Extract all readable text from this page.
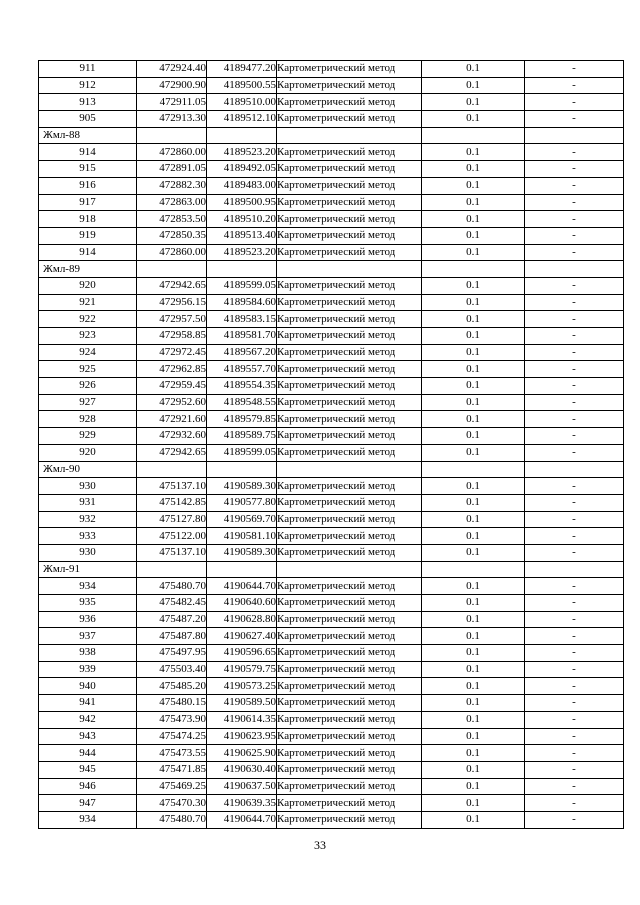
911	472924.40	4189477.20	Картометрический метод	0.1	-
912	472900.90	4189500.55	Картометрический метод	0.1	-
913	472911.05	4189510.00	Картометрический метод	0.1	-
905	472913.30	4189512.10	Картометрический метод	0.1	-
Жмл-88					
914	472860.00	4189523.20	Картометрический метод	0.1	-
915	472891.05	4189492.05	Картометрический метод	0.1	-
916	472882.30	4189483.00	Картометрический метод	0.1	-
917	472863.00	4189500.95	Картометрический метод	0.1	-
918	472853.50	4189510.20	Картометрический метод	0.1	-
919	472850.35	4189513.40	Картометрический метод	0.1	-
914	472860.00	4189523.20	Картометрический метод	0.1	-
Жмл-89					
920	472942.65	4189599.05	Картометрический метод	0.1	-
921	472956.15	4189584.60	Картометрический метод	0.1	-
922	472957.50	4189583.15	Картометрический метод	0.1	-
923	472958.85	4189581.70	Картометрический метод	0.1	-
924	472972.45	4189567.20	Картометрический метод	0.1	-
925	472962.85	4189557.70	Картометрический метод	0.1	-
926	472959.45	4189554.35	Картометрический метод	0.1	-
927	472952.60	4189548.55	Картометрический метод	0.1	-
928	472921.60	4189579.85	Картометрический метод	0.1	-
929	472932.60	4189589.75	Картометрический метод	0.1	-
920	472942.65	4189599.05	Картометрический метод	0.1	-
Жмл-90					
930	475137.10	4190589.30	Картометрический метод	0.1	-
931	475142.85	4190577.80	Картометрический метод	0.1	-
932	475127.80	4190569.70	Картометрический метод	0.1	-
933	475122.00	4190581.10	Картометрический метод	0.1	-
930	475137.10	4190589.30	Картометрический метод	0.1	-
Жмл-91					
934	475480.70	4190644.70	Картометрический метод	0.1	-
935	475482.45	4190640.60	Картометрический метод	0.1	-
936	475487.20	4190628.80	Картометрический метод	0.1	-
937	475487.80	4190627.40	Картометрический метод	0.1	-
938	475497.95	4190596.65	Картометрический метод	0.1	-
939	475503.40	4190579.75	Картометрический метод	0.1	-
940	475485.20	4190573.25	Картометрический метод	0.1	-
941	475480.15	4190589.50	Картометрический метод	0.1	-
942	475473.90	4190614.35	Картометрический метод	0.1	-
943	475474.25	4190623.95	Картометрический метод	0.1	-
944	475473.55	4190625.90	Картометрический метод	0.1	-
945	475471.85	4190630.40	Картометрический метод	0.1	-
946	475469.25	4190637.50	Картометрический метод	0.1	-
947	475470.30	4190639.35	Картометрический метод	0.1	-
934	475480.70	4190644.70	Картометрический метод	0.1	-
33
